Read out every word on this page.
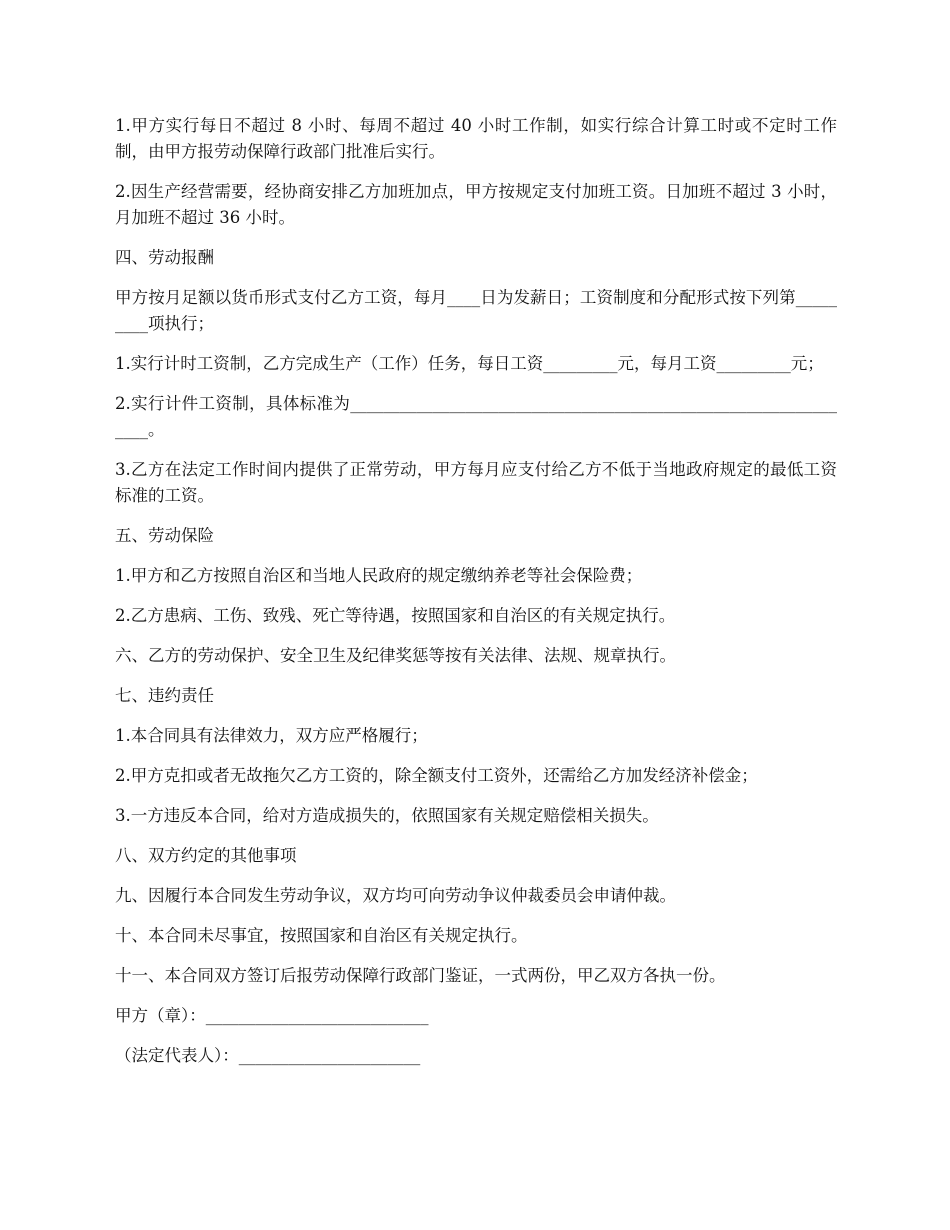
1.甲方实行每日不超过 8 小时、每周不超过 40 小时工作制，如实行综合计算工时或不定时工作制，由甲方报劳动保障行政部门批准后实行。

2.因生产经营需要，经协商安排乙方加班加点，甲方按规定支付加班工资。日加班不超过 3 小时，月加班不超过 36 小时。

四、劳动报酬

甲方按月足额以货币形式支付乙方工资，每月____日为发薪日；工资制度和分配形式按下列第_________项执行；

1.实行计时工资制，乙方完成生产（工作）任务，每日工资_________元，每月工资_________元；

2.实行计件工资制，具体标准为_______________________________________________________________。

3.乙方在法定工作时间内提供了正常劳动，甲方每月应支付给乙方不低于当地政府规定的最低工资标准的工资。

五、劳动保险

1.甲方和乙方按照自治区和当地人民政府的规定缴纳养老等社会保险费；

2.乙方患病、工伤、致残、死亡等待遇，按照国家和自治区的有关规定执行。

六、乙方的劳动保护、安全卫生及纪律奖惩等按有关法律、法规、规章执行。

七、违约责任

1.本合同具有法律效力，双方应严格履行；

2.甲方克扣或者无故拖欠乙方工资的，除全额支付工资外，还需给乙方加发经济补偿金；

3.一方违反本合同，给对方造成损失的，依照国家有关规定赔偿相关损失。

八、双方约定的其他事项

九、因履行本合同发生劳动争议，双方均可向劳动争议仲裁委员会申请仲裁。

十、本合同未尽事宜，按照国家和自治区有关规定执行。

十一、本合同双方签订后报劳动保障行政部门鉴证，一式两份，甲乙双方各执一份。

甲方（章）：___________________________

（法定代表人）：______________________
